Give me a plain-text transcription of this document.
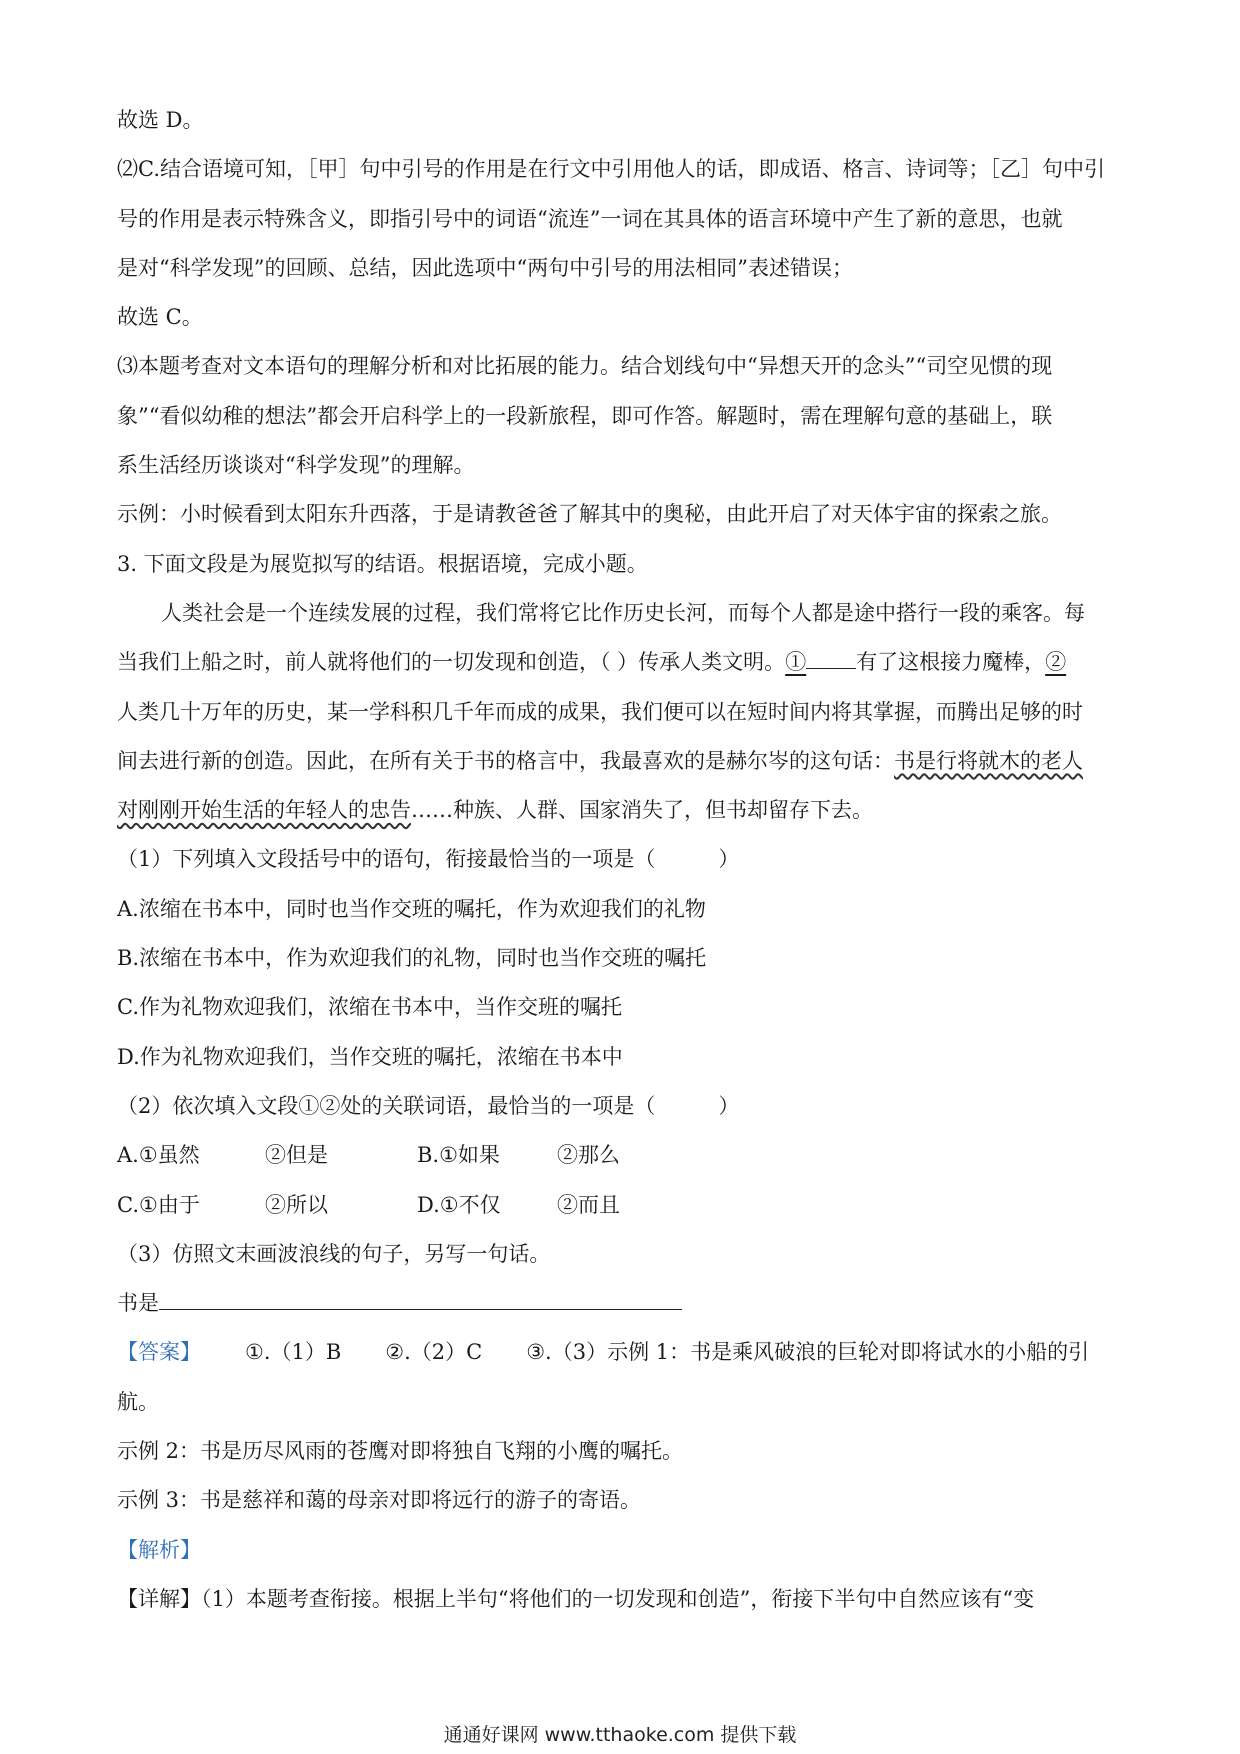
故选 D。
⑵C.结合语境可知，［甲］句中引号的作用是在行文中引用他人的话，即成语、格言、诗词等；［乙］句中引
号的作用是表示特殊含义，即指引号中的词语“流连”一词在其具体的语言环境中产生了新的意思，也就
是对“科学发现”的回顾、总结，因此选项中“两句中引号的用法相同”表述错误；
故选 C。
⑶本题考查对文本语句的理解分析和对比拓展的能力。结合划线句中“异想天开的念头”“司空见惯的现
象”“看似幼稚的想法”都会开启科学上的一段新旅程，即可作答。解题时，需在理解句意的基础上，联
系生活经历谈谈对“科学发现”的理解。
示例：小时候看到太阳东升西落，于是请教爸爸了解其中的奥秘，由此开启了对天体宇宙的探索之旅。
3. 下面文段是为展览拟写的结语。根据语境，完成小题。
人类社会是一个连续发展的过程，我们常将它比作历史长河，而每个人都是途中搭行一段的乘客。每
当我们上船之时，前人就将他们的一切发现和创造，（ ）传承人类文明。① 有了这根接力魔棒，②
人类几十万年的历史，某一学科积几千年而成的成果，我们便可以在短时间内将其掌握，而腾出足够的时
间去进行新的创造。因此，在所有关于书的格言中，我最喜欢的是赫尔岑的这句话：书是行将就木的老人
对刚刚开始生活的年轻人的忠告……种族、人群、国家消失了，但书却留存下去。
（1）下列填入文段括号中的语句，衔接最恰当的一项是（　　　）
A.浓缩在书本中，同时也当作交班的嘱托，作为欢迎我们的礼物
B.浓缩在书本中，作为欢迎我们的礼物，同时也当作交班的嘱托
C.作为礼物欢迎我们，浓缩在书本中，当作交班的嘱托
D.作为礼物欢迎我们，当作交班的嘱托，浓缩在书本中
（2）依次填入文段①②处的关联词语，最恰当的一项是（　　　）
A.①虽然	②但是	B.①如果	②那么
C.①由于	②所以	D.①不仅	②而且
（3）仿照文末画波浪线的句子，另写一句话。
书是
【答案】 ①.（1）B ②.（2）C ③.（3）示例 1：书是乘风破浪的巨轮对即将试水的小船的引
航。
示例 2：书是历尽风雨的苍鹰对即将独自飞翔的小鹰的嘱托。
示例 3：书是慈祥和蔼的母亲对即将远行的游子的寄语。
【解析】
【详解】（1）本题考查衔接。根据上半句“将他们的一切发现和创造”，衔接下半句中自然应该有“变
通通好课网 www.tthaoke.com 提供下载
